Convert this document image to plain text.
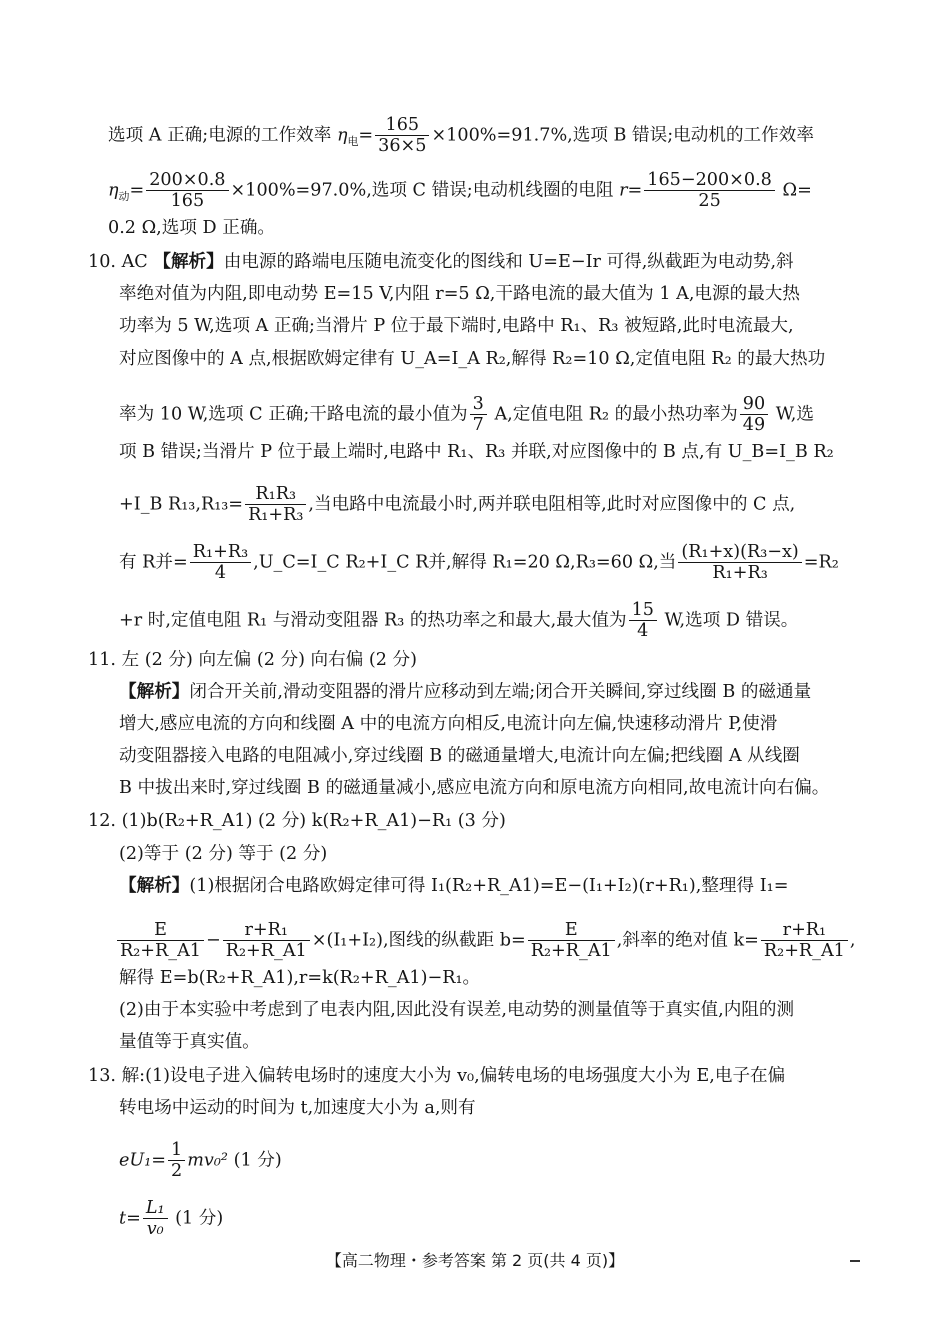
选项 A 正确;电源的工作效率 $\eta_电= \frac{165}{36\times 5} \times 100\%=91.7\%$,选项 B 错误;电动机的工作效率
$\eta_动= \frac{200\times 0.8}{165} \times 100\%=97.0\%$,选项 C 错误;电动机线圈的电阻 $r= \frac{165-200\times 0.8}{25} \Omega=$
0.2 Ω,选项 D 正确。
10. AC 【解析】由电源的路端电压随电流变化的图线和 U=E−Ir 可得,纵截距为电动势,斜
率绝对值为内阻,即电动势 E=15 V,内阻 r=5 Ω,干路电流的最大值为 1 A,电源的最大热
功率为 5 W,选项 A 正确;当滑片 P 位于最下端时,电路中 R₁、R₃ 被短路,此时电流最大,
对应图像中的 A 点,根据欧姆定律有 U_A=I_A R₂,解得 R₂=10 Ω,定值电阻 R₂ 的最大热功
率为 10 W,选项 C 正确;干路电流的最小值为 $\frac{3}{7} A$,定值电阻 R₂ 的最小热功率为 $\frac{90}{49} W$,选
项 B 错误;当滑片 P 位于最上端时,电路中 R₁、R₃ 并联,对应图像中的 B 点,有 U_B=I_B R₂
+I_B $R_{13},R_{13}= \frac{\text{R₁R₃}}{\text{R₁+R₃}}$ ,当电路中电流最小时,两并联电阻相等,此时对应图像中的 C 点,
有 R并= $\frac{\text{R₁+R₃}}{4}$ ,U_C=I_C R₂+I_C R并,解得 R₁=20 Ω,R₃=60 Ω,当 $\frac{\text{(R₁+x)(R₃−x)}}{\text{R₁+R₃}} =R_2$
+r 时,定值电阻 R₁ 与滑动变阻器 R₃ 的热功率之和最大,最大值为 $\frac{15}{4} W$,选项 D 错误。
11. 左 (2 分) 向左偏 (2 分) 向右偏 (2 分)
【解析】闭合开关前,滑动变阻器的滑片应移动到左端;闭合开关瞬间,穿过线圈 B 的磁通量
增大,感应电流的方向和线圈 A 中的电流方向相反,电流计向左偏,快速移动滑片 P,使滑
动变阻器接入电路的电阻减小,穿过线圈 B 的磁通量增大,电流计向左偏;把线圈 A 从线圈
B 中拔出来时,穿过线圈 B 的磁通量减小,感应电流方向和原电流方向相同,故电流计向右偏。
12. (1)b(R₂+R_A1) (2 分) k(R₂+R_A1)−R₁ (3 分)
(2)等于 (2 分) 等于 (2 分)
【解析】(1)根据闭合电路欧姆定律可得 I₁(R₂+R_A1)=E−(I₁+I₂)(r+R₁),整理得 I₁=
$\frac{E}{\text{R₂+R\_A1}} - \frac{\text{r+R₁}}{\text{R₂+R\_A1}} \times(I_1+I_2)$,图线的纵截距 $b= \frac{E}{\text{R₂+R\_A1}}$ ,斜率的绝对值 $k= \frac{\text{r+R₁}}{\text{R₂+R\_A1}}$ ,
解得 E=b(R₂+R_A1),r=k(R₂+R_A1)−R₁。
(2)由于本实验中考虑到了电表内阻,因此没有误差,电动势的测量值等于真实值,内阻的测
量值等于真实值。
13. 解:(1)设电子进入偏转电场时的速度大小为 v₀,偏转电场的电场强度大小为 E,电子在偏
转电场中运动的时间为 t,加速度大小为 a,则有
$eU_1= \frac{1}{2} mv_0^2$ (1 分)
$t= \frac{\text{L₁}}{\text{v₀}} (1$ 分)
【高二物理・参考答案 第 2 页(共 4 页)】
